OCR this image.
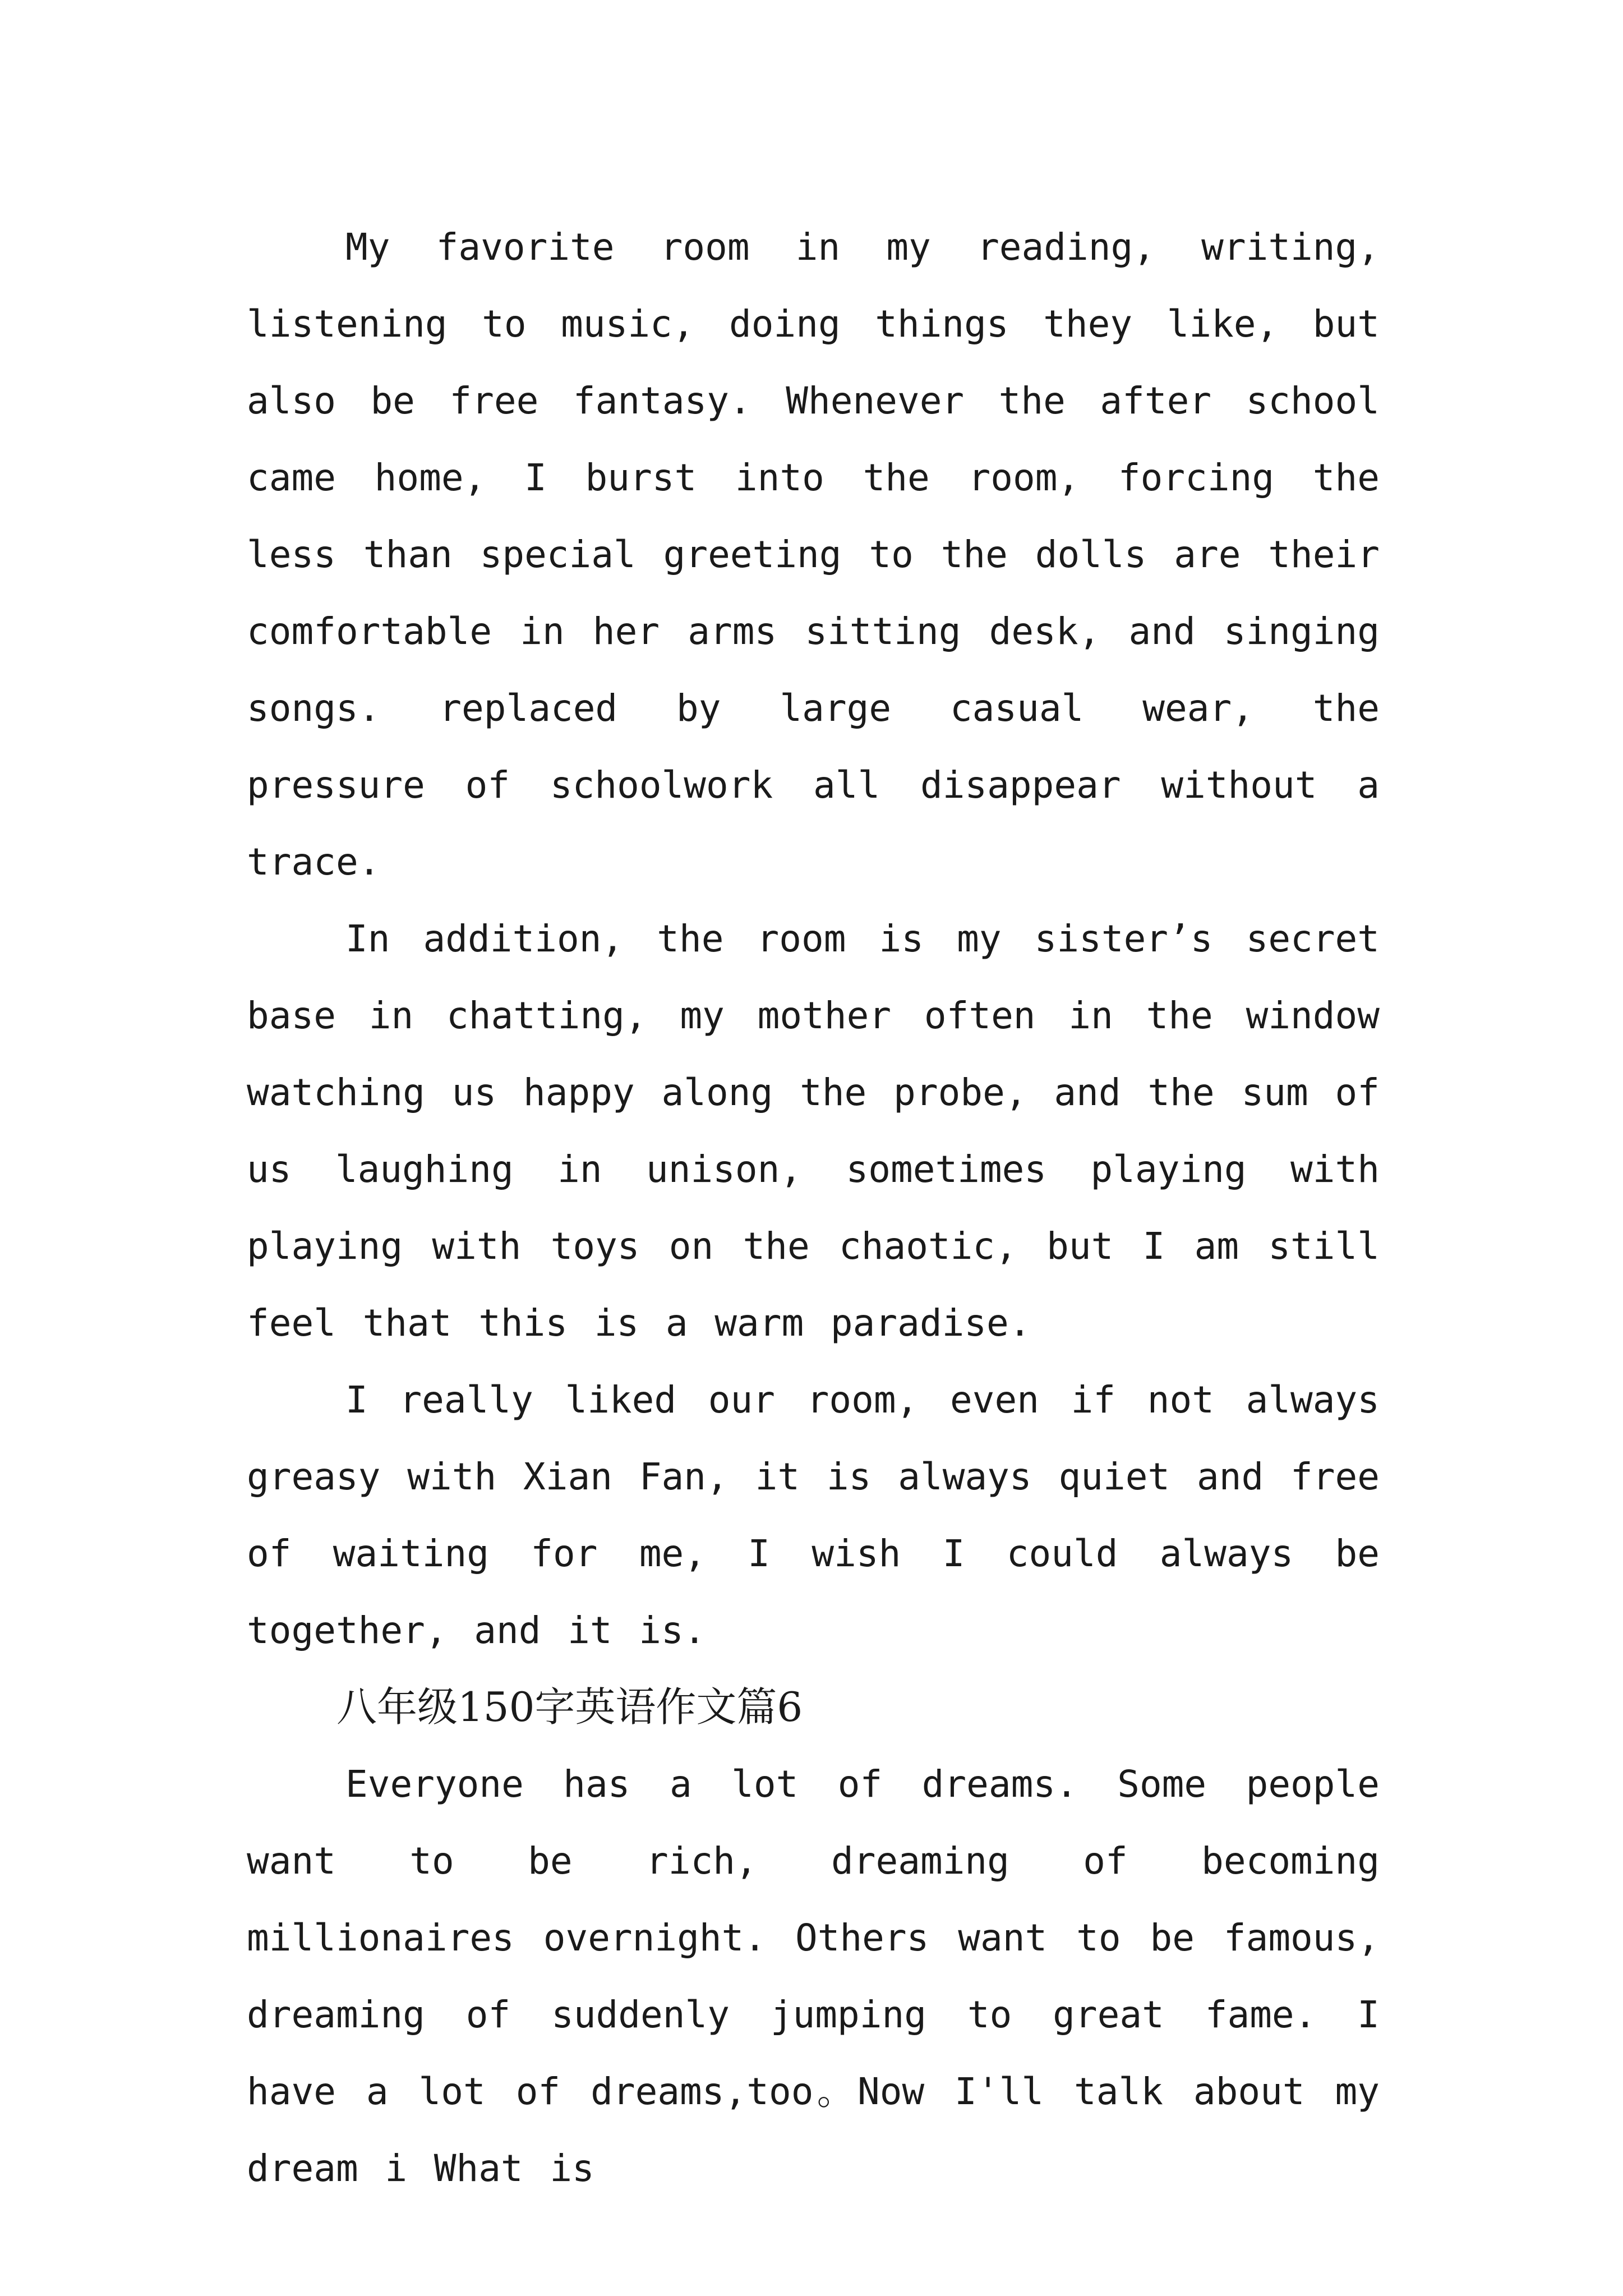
My favorite room in my reading, writing, listening to music, doing things they like, but also be free fantasy. Whenever the after school came home, I burst into the room, forcing the less than special greeting to the dolls are their comfortable in her arms sitting desk, and singing songs. replaced by large casual wear, the pressure of schoolwork all disappear without a trace.

In addition, the room is my sister’s secret base in chatting, my mother often in the window watching us happy along the probe, and the sum of us laughing in unison, sometimes playing with playing with toys on the chaotic, but I am still feel that this is a warm paradise.

I really liked our room, even if not always greasy with Xian Fan, it is always quiet and free of waiting for me, I wish I could always be together, and it is.

八年级150字英语作文篇6

Everyone has a lot of dreams. Some people want to be rich, dreaming of becoming millionaires overnight. Others want to be famous, dreaming of suddenly jumping to great fame. I have a lot of dreams,too。Now I'll talk about my dream i What is
